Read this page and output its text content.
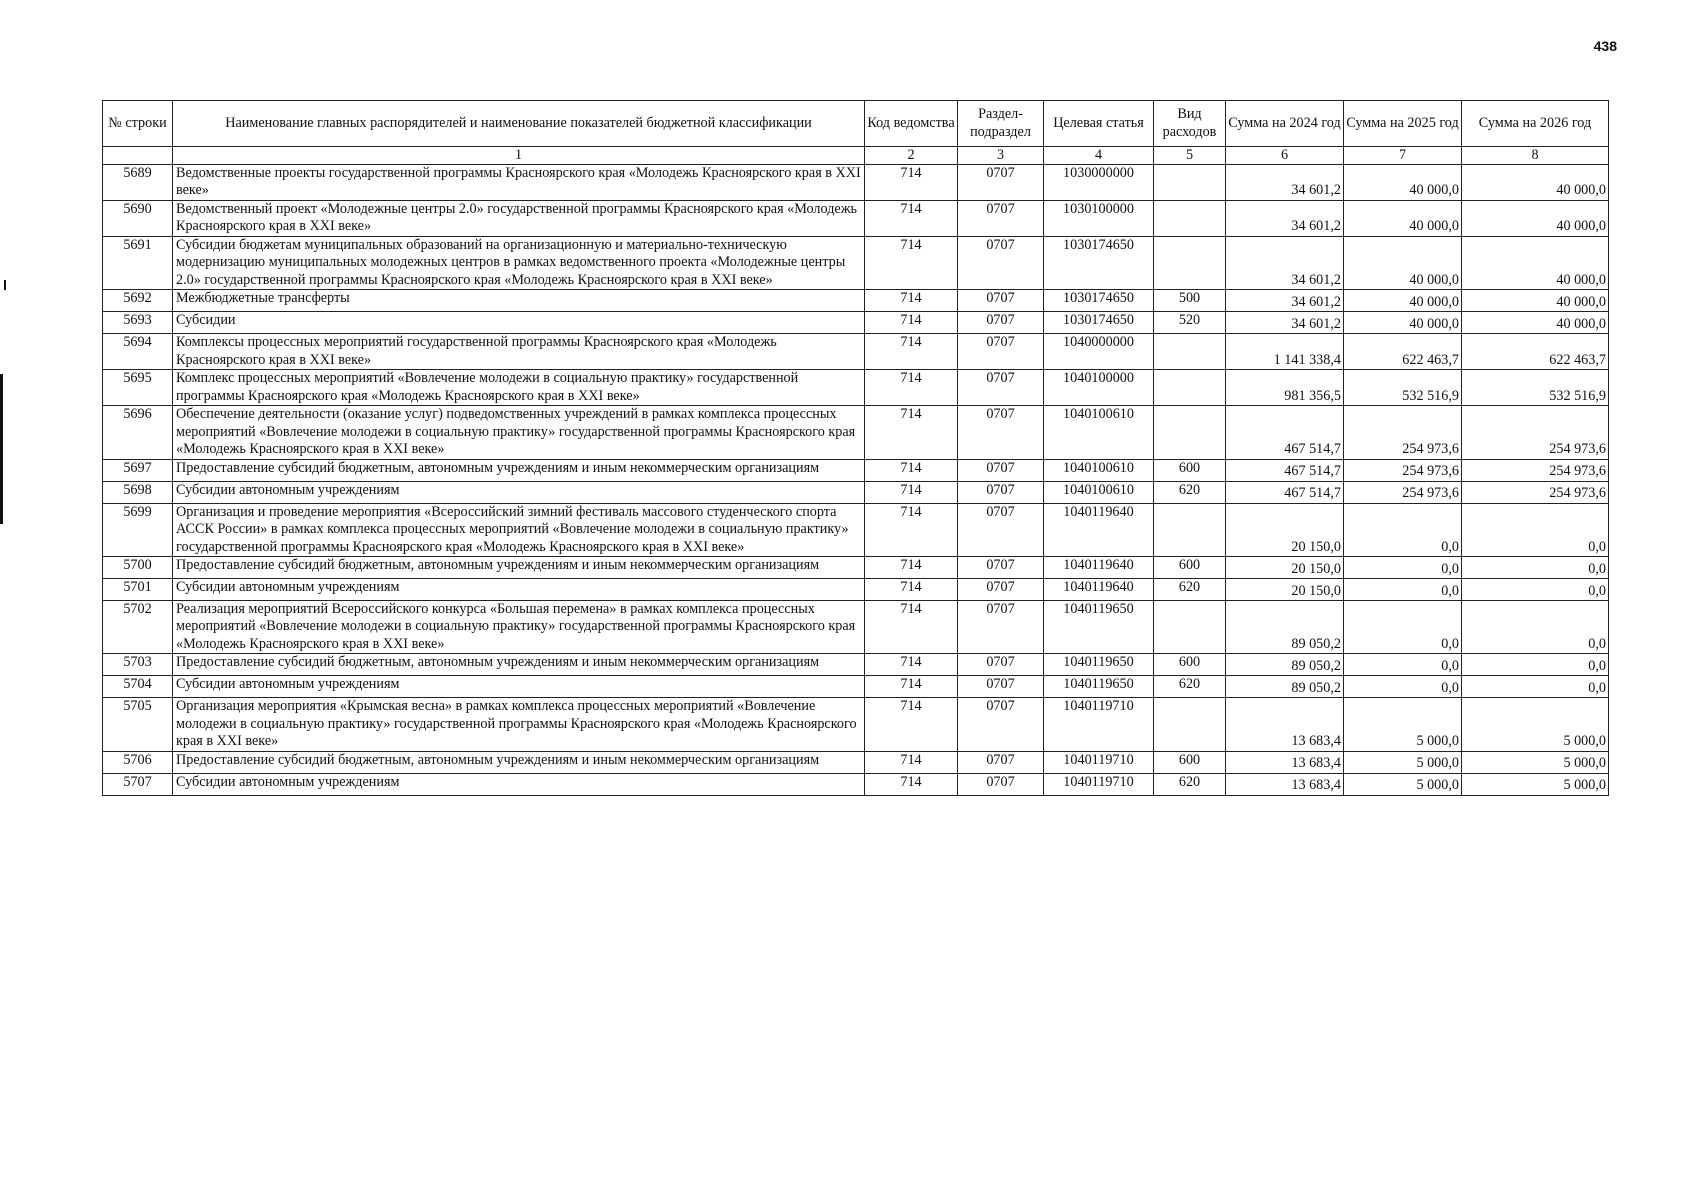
438
№ строки	Наименование главных распорядителей и наименование показателей бюджетной классификации	Код ведомства	Раздел-подраздел	Целевая статья	Вид расходов	Сумма на 2024 год	Сумма на 2025 год	Сумма на 2026 год
	1	2	3	4	5	6	7	8
5689	Ведомственные проекты государственной программы Красноярского края «Молодежь Красноярского края в XXI веке»	714	0707	1030000000		34 601,2	40 000,0	40 000,0
5690	Ведомственный проект «Молодежные центры 2.0» государственной программы Красноярского края «Молодежь Красноярского края в XXI веке»	714	0707	1030100000		34 601,2	40 000,0	40 000,0
5691	Субсидии бюджетам муниципальных образований на организационную и материально-техническую модернизацию муниципальных молодежных центров в рамках ведомственного проекта «Молодежные центры 2.0» государственной программы Красноярского края «Молодежь Красноярского края в XXI веке»	714	0707	1030174650		34 601,2	40 000,0	40 000,0
5692	Межбюджетные трансферты	714	0707	1030174650	500	34 601,2	40 000,0	40 000,0
5693	Субсидии	714	0707	1030174650	520	34 601,2	40 000,0	40 000,0
5694	Комплексы процессных мероприятий государственной программы Красноярского края «Молодежь Красноярского края в XXI веке»	714	0707	1040000000		1 141 338,4	622 463,7	622 463,7
5695	Комплекс процессных мероприятий «Вовлечение молодежи в социальную практику» государственной программы Красноярского края «Молодежь Красноярского края в XXI веке»	714	0707	1040100000		981 356,5	532 516,9	532 516,9
5696	Обеспечение деятельности (оказание услуг) подведомственных учреждений в рамках комплекса процессных мероприятий «Вовлечение молодежи в социальную практику» государственной программы Красноярского края «Молодежь Красноярского края в XXI веке»	714	0707	1040100610		467 514,7	254 973,6	254 973,6
5697	Предоставление субсидий бюджетным, автономным учреждениям и иным некоммерческим организациям	714	0707	1040100610	600	467 514,7	254 973,6	254 973,6
5698	Субсидии автономным учреждениям	714	0707	1040100610	620	467 514,7	254 973,6	254 973,6
5699	Организация и проведение мероприятия «Всероссийский зимний фестиваль массового студенческого спорта АССК России» в рамках комплекса процессных мероприятий «Вовлечение молодежи в социальную практику» государственной программы Красноярского края «Молодежь Красноярского края в XXI веке»	714	0707	1040119640		20 150,0	0,0	0,0
5700	Предоставление субсидий бюджетным, автономным учреждениям и иным некоммерческим организациям	714	0707	1040119640	600	20 150,0	0,0	0,0
5701	Субсидии автономным учреждениям	714	0707	1040119640	620	20 150,0	0,0	0,0
5702	Реализация мероприятий Всероссийского конкурса «Большая перемена» в рамках комплекса процессных мероприятий «Вовлечение молодежи в социальную практику» государственной программы Красноярского края «Молодежь Красноярского края в XXI веке»	714	0707	1040119650		89 050,2	0,0	0,0
5703	Предоставление субсидий бюджетным, автономным учреждениям и иным некоммерческим организациям	714	0707	1040119650	600	89 050,2	0,0	0,0
5704	Субсидии автономным учреждениям	714	0707	1040119650	620	89 050,2	0,0	0,0
5705	Организация мероприятия «Крымская весна» в рамках комплекса процессных мероприятий «Вовлечение молодежи в социальную практику» государственной программы Красноярского края «Молодежь Красноярского края в XXI веке»	714	0707	1040119710		13 683,4	5 000,0	5 000,0
5706	Предоставление субсидий бюджетным, автономным учреждениям и иным некоммерческим организациям	714	0707	1040119710	600	13 683,4	5 000,0	5 000,0
5707	Субсидии автономным учреждениям	714	0707	1040119710	620	13 683,4	5 000,0	5 000,0
